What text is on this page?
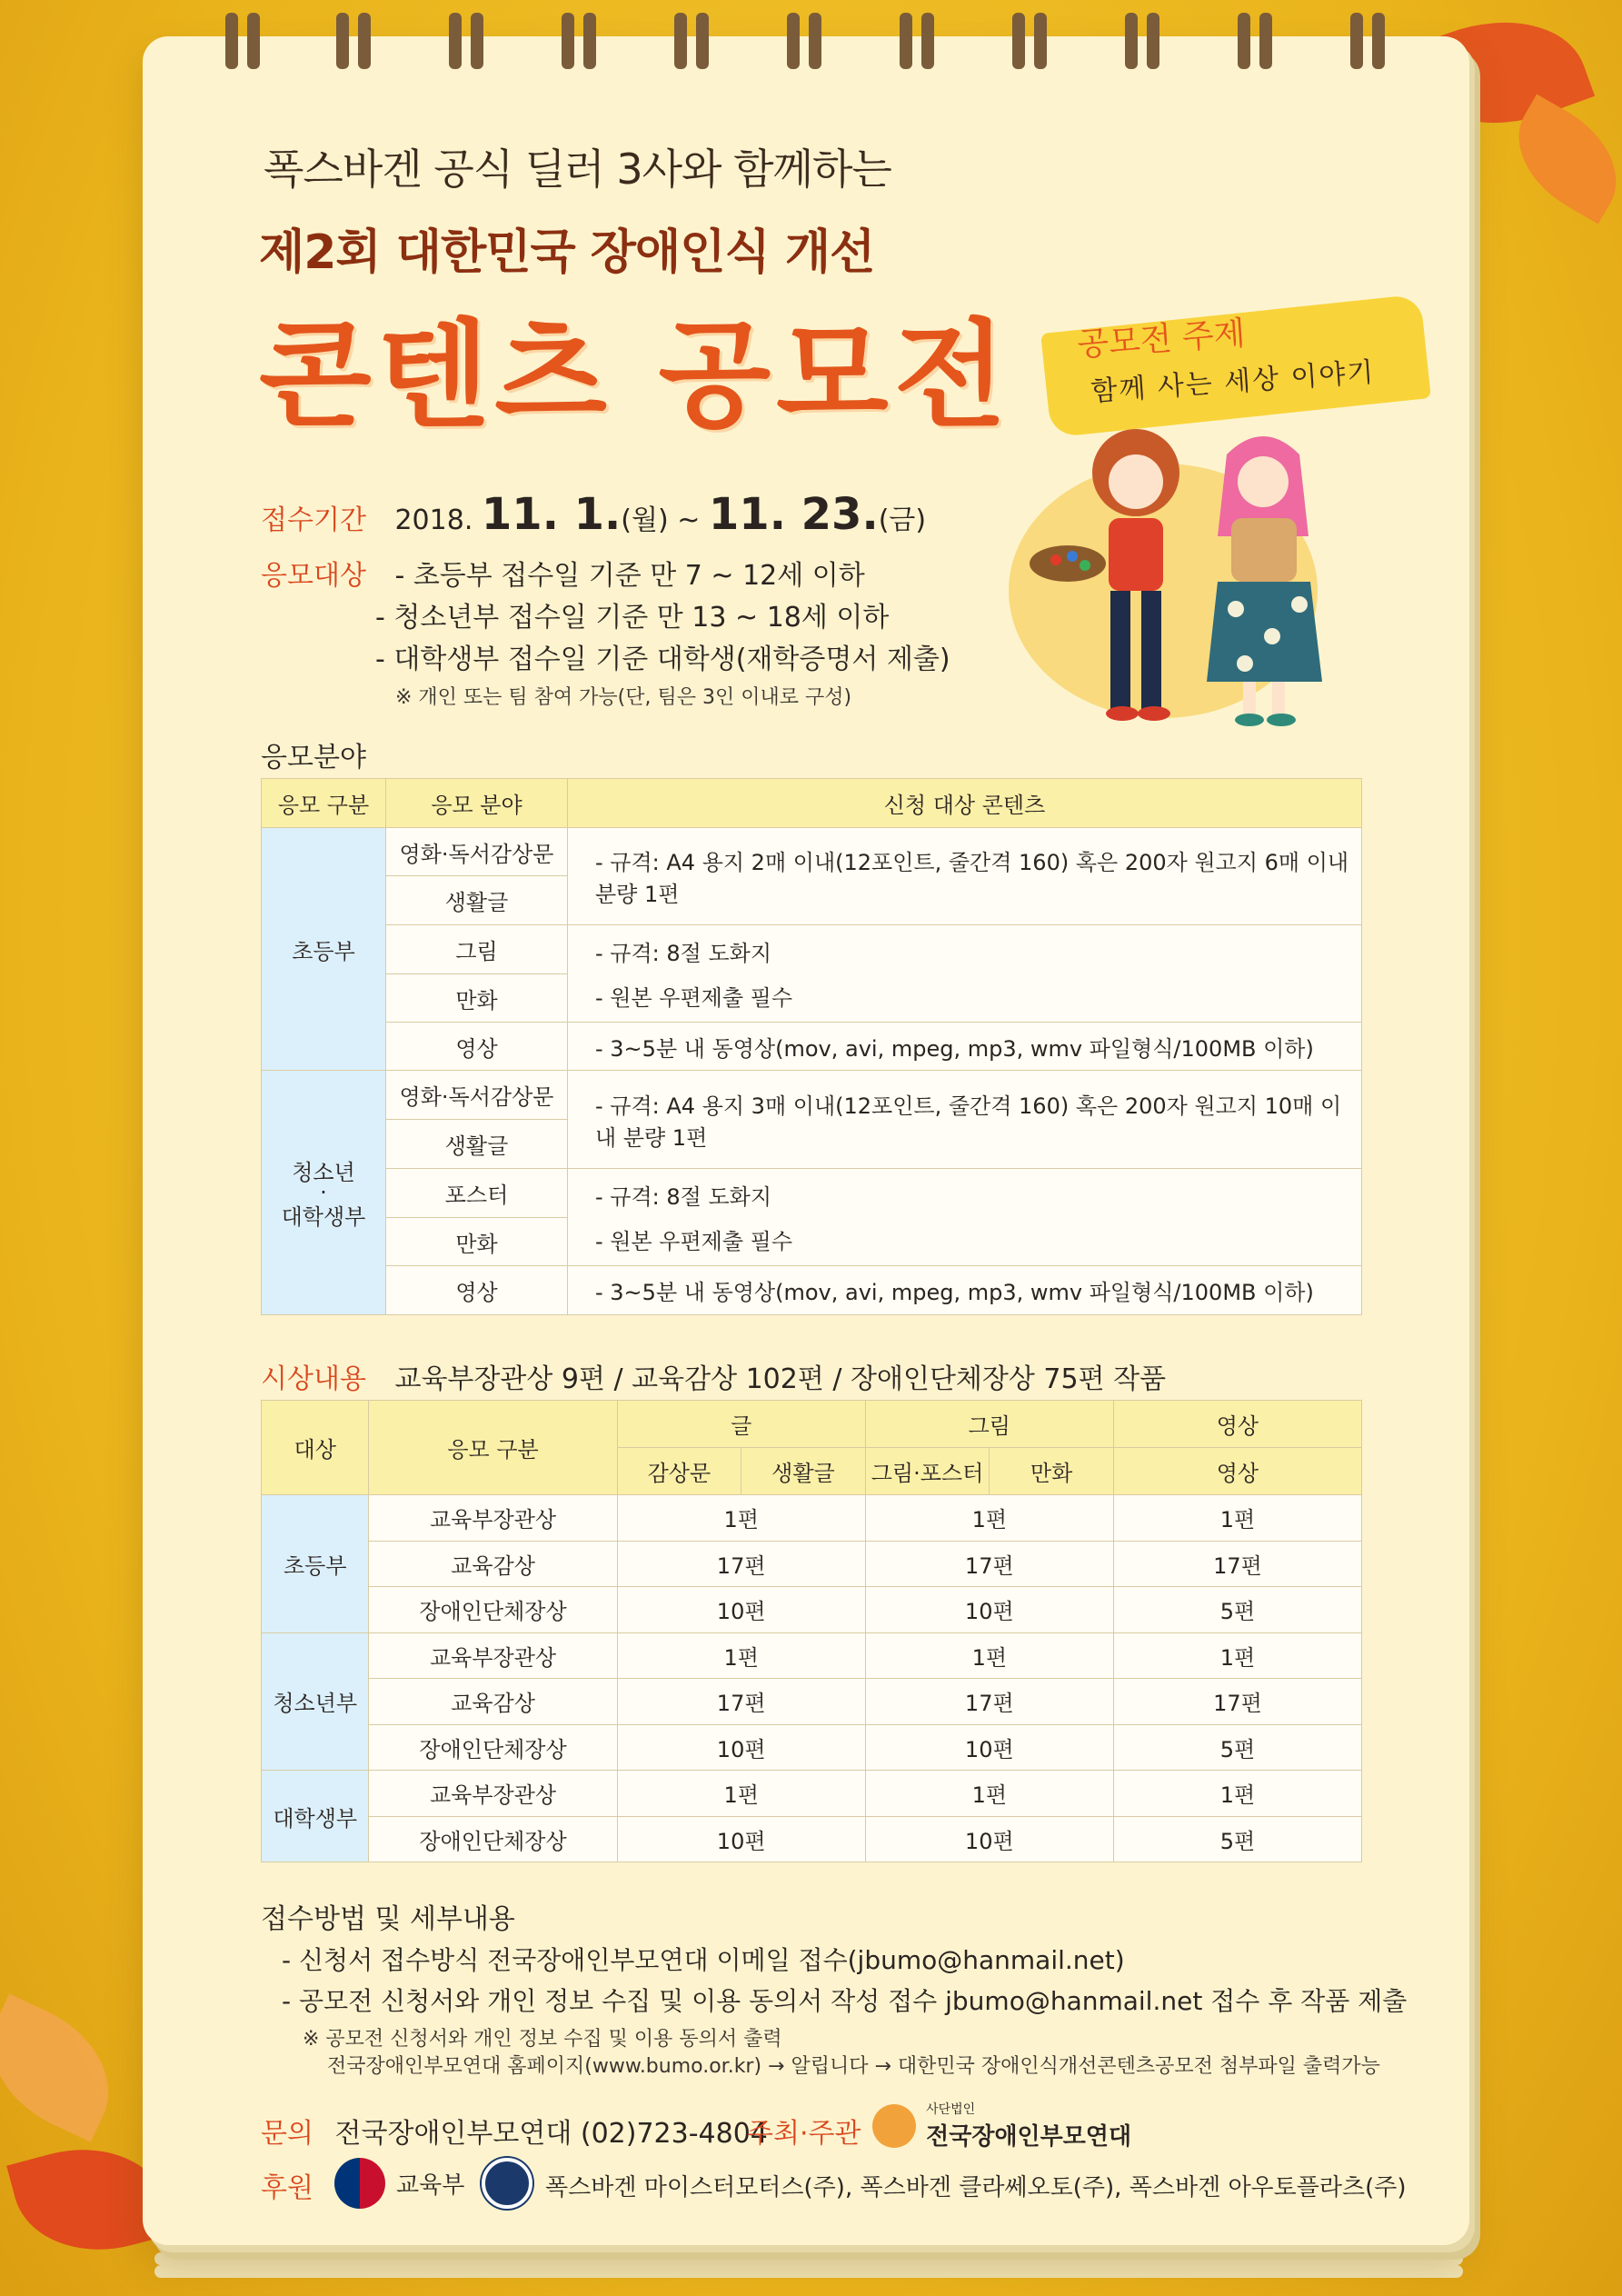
폭스바겐 공식 딜러 3사와 함께하는
제2회 대한민국 장애인식 개선
콘텐츠 공모전 공모전 주제
함께 사는 세상 이야기
접수기간 2018. 11. 1.(월) ~ 11. 23.(금)
응모대상 - 초등부 접수일 기준 만 7 ~ 12세 이하
- 청소년부 접수일 기준 만 13 ~ 18세 이하
- 대학생부 접수일 기준 대학생(재학증명서 제출)
※ 개인 또는 팀 참여 가능(단, 팀은 3인 이내로 구성)
응모분야
응모 구분	응모 분야	신청 대상 콘텐츠
초등부	영화·독서감상문	- 규격: A4 용지 2매 이내(12포인트, 줄간격 160) 혹은 200자 원고지 6매 이내 분량 1편
	생활글	
	그림	- 규격: 8절 도화지
- 원본 우편제출 필수

	만화	
	영상	- 3~5분 내 동영상(mov, avi, mpeg, mp3, wmv 파일형식/100MB 이하)

청소년
·
대학생부	영화·독서감상문	- 규격: A4 용지 3매 이내(12포인트, 줄간격 160) 혹은 200자 원고지 10매 이내 분량 1편
	생활글	
	포스터	- 규격: 8절 도화지
- 원본 우편제출 필수

	만화	
	영상	- 3~5분 내 동영상(mov, avi, mpeg, mp3, wmv 파일형식/100MB 이하)
시상내용 교육부장관상 9편 / 교육감상 102편 / 장애인단체장상 75편 작품
대상	응모 구분	글		그림		영상
		감상문	생활글	그림·포스터	만화	영상
초등부	교육부장관상	1편		1편		1편
	교육감상	17편		17편		17편
	장애인단체장상	10편		10편		5편
청소년부	교육부장관상	1편		1편		1편
	교육감상	17편		17편		17편
	장애인단체장상	10편		10편		5편
대학생부	교육부장관상	1편		1편		1편
	장애인단체장상	10편		10편		5편
접수방법 및 세부내용
- 신청서 접수방식 전국장애인부모연대 이메일 접수(jbumo@hanmail.net)
- 공모전 신청서와 개인 정보 수집 및 이용 동의서 작성 접수 jbumo@hanmail.net 접수 후 작품 제출
※ 공모전 신청서와 개인 정보 수집 및 이용 동의서 출력
전국장애인부모연대 홈페이지(www.bumo.or.kr) → 알립니다 → 대한민국 장애인식개선콘텐츠공모전 첨부파일 출력가능
문의 전국장애인부모연대 (02)723-4804
주최·주관

사단법인
전국장애인부모연대
후원	교육부	폭스바겐 마이스터모터스(주), 폭스바겐 클라쎄오토(주), 폭스바겐 아우토플라츠(주)
